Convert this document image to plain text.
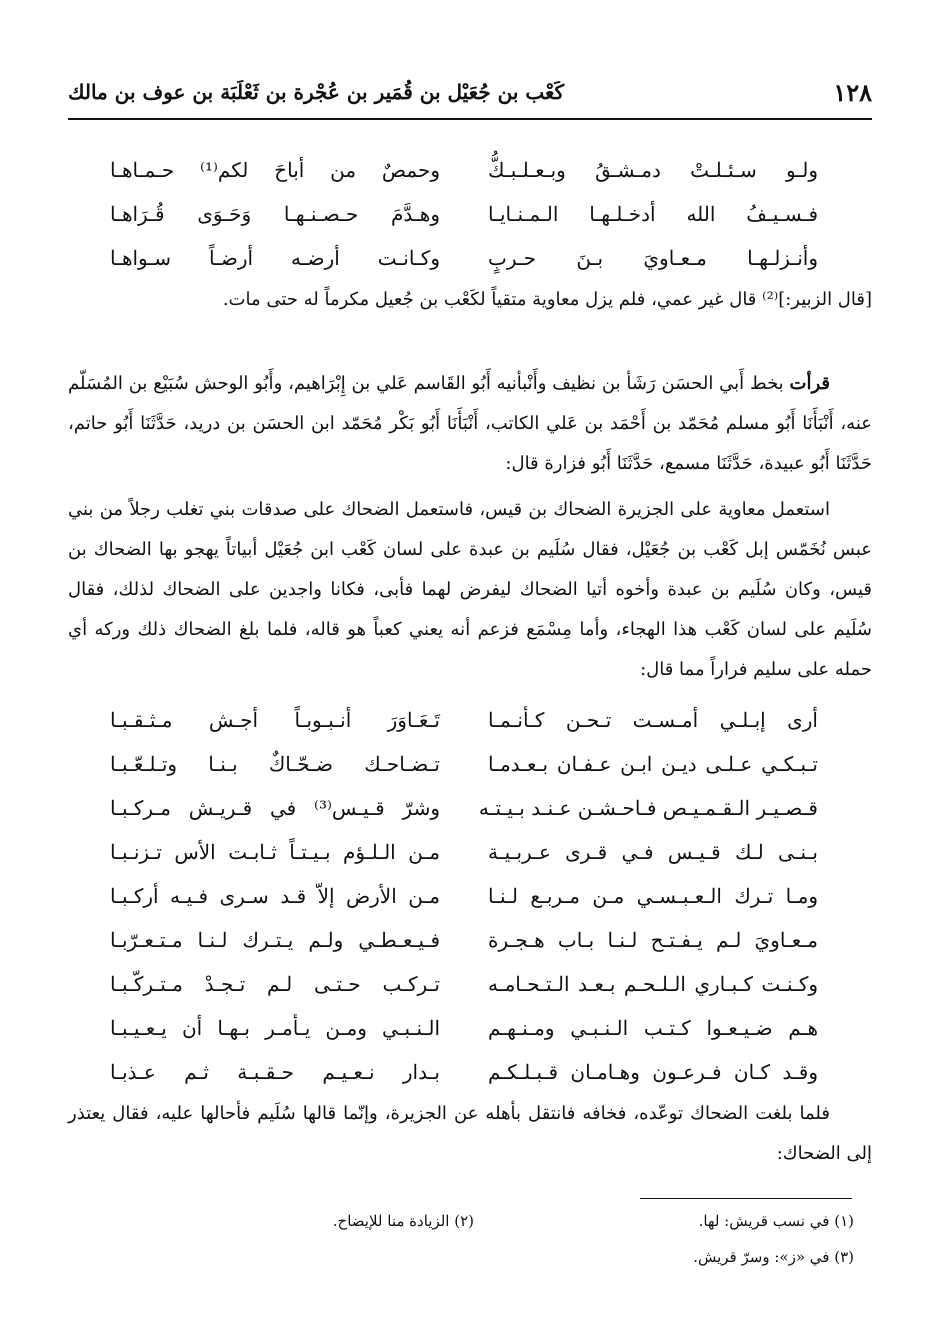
١٢٨
كَعْب بن جُعَيْل بن قُمَير بن عُجْرة بن ثَعْلَبَة بن عوف بن مالك
ولـو سـئـلـتْ دمـشـقُ وبـعـلـبـكُّ
وحمصٌ من أباحَ لكم⁽¹⁾ حـمـاهـا
فـسـيـفُ الله أدخـلـهـا الـمـنـايـا
وهـدَّمَ حـصـنـهـا وَحَـوَى قُـرَاهـا
وأنـزلـهـا مـعـاويَ بـنَ حـربٍ
وكـانـت أرضـه أرضـاً سـواهـا

[قال الزبير:]⁽²⁾ قال غير عمي، فلم يزل معاوية متقياً لكَعْب بن جُعيل مكرماً له حتى مات.

قرأت بخط أَبي الحسَن رَشَأ بن نظيف وأَنْبأنيه أَبُو القَاسم عَلي بن إِبْرَاهيم، وأَبُو الوحش سُبَيْع بن المُسَلّم عنه، أَنْبَأَنَا أَبُو مسلم مُحَمّد بن أَحْمَد بن عَلي الكاتب، أَنْبَأَنَا أَبُو بَكْر مُحَمّد ابن الحسَن بن دريد، حَدَّثَنَا أَبُو حاتم، حَدَّثَنَا أَبُو عبيدة، حَدَّثَنَا مسمع، حَدَّثَنَا أَبُو فزارة قال:

استعمل معاوية على الجزيرة الضحاك بن قيس، فاستعمل الضحاك على صدقات بني تغلب رجلاً من بني عبس نُخَمّس إبل كَعْب بن جُعَيْل، فقال سُلَيم بن عبدة على لسان كَعْب ابن جُعَيْل أبياتاً يهجو بها الضحاك بن قيس، وكان سُلَيم بن عبدة وأخوه أتيا الضحاك ليفرض لهما فأبى، فكانا واجدين على الضحاك لذلك، فقال سُلَيم على لسان كَعْب هذا الهجاء، وأما مِسْمَع فزعم أنه يعني كعباً هو قاله، فلما بلغ الضحاك ذلك وركه أي حمله على سليم فراراً مما قال:

أرى إبـلـي أمـسـت تـحـن كـأنـمـا
تَـعَـاوَرَ أنـبـوبـاً أجـش مـثـقـبـا
تـبـكـي عـلـى ديـن ابـن عـفـان بـعـدمـا
تـضـاحـك ضـحّـاكٌ بـنـا وتـلـعّـبـا
قـصـيـر الـقـمـيـص فـاحـشـن عـنـد بـيـتـه
وشرّ قـيـس⁽³⁾ في قـريـش مـركـبـا
بـنـى لـك قـيـس فـي قـرى عـربـيـة
مـن الـلـؤم بـيـتـاً ثـابـت الأس تـزنـبـا
ومـا تـرك الـعـبـسـي مـن مـربـع لـنـا
مـن الأرض إلاّ قـد سـرى فـيـه أركـبـا
مـعـاويَ لـم يـفـتـح لـنـا بـاب هـجـرة
فـيـعـطـي ولـم يـتـرك لـنـا مـتـعـرّبـا
وكـنـت كـبـاري الـلـحـم بـعـد الـتـحـامـه
تـركـب حـتـى لـم تـجـدْ مـتـركّـبـا
هـم ضـيـعـوا كـتـب الـنـبـي ومـنـهـم
الـنـبـي ومـن يـأمـر بـهـا أن يـعـيـبـا
وقـد كـان فـرعـون وهـامـان قـبـلـكـم
بـدار نـعـيـم حـقـبـة ثـم عـذبـا

فلما بلغت الضحاك توعّده، فخافه فانتقل بأهله عن الجزيرة، وإنّما قالها سُلَيم فأحالها عليه، فقال يعتذر إلى الضحاك:

(١) في نسب قريش: لها.
(٢) الزيادة منا للإيضاح.
(٣) في «ز»: وسرّ قريش.
